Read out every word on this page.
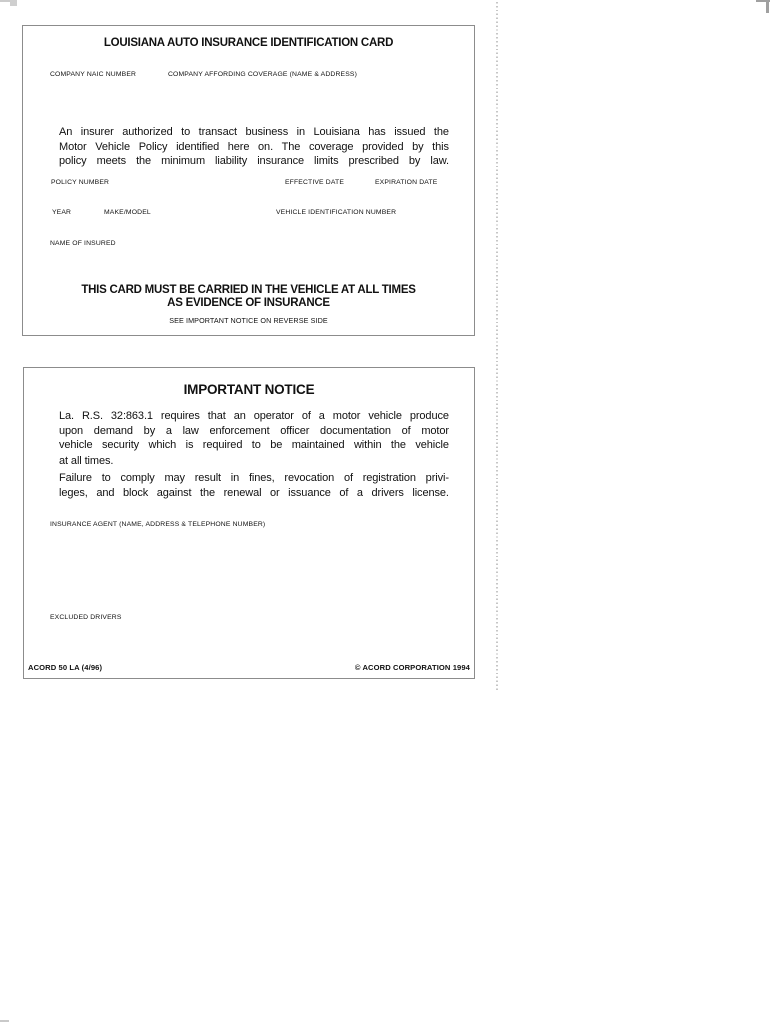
LOUISIANA AUTO INSURANCE IDENTIFICATION CARD
COMPANY NAIC NUMBER	COMPANY AFFORDING COVERAGE (NAME & ADDRESS)
An insurer authorized to transact business in Louisiana has issued the
Motor Vehicle Policy identified here on. The coverage provided by this
policy meets the minimum liability insurance limits prescribed by law.
POLICY NUMBER	EFFECTIVE DATE	EXPIRATION DATE
YEAR	MAKE/MODEL	VEHICLE IDENTIFICATION NUMBER
NAME OF INSURED
THIS CARD MUST BE CARRIED IN THE VEHICLE AT ALL TIMES
AS EVIDENCE OF INSURANCE
SEE IMPORTANT NOTICE ON REVERSE SIDE
IMPORTANT NOTICE
La. R.S. 32:863.1 requires that an operator of a motor vehicle produce
upon demand by a law enforcement officer documentation of motor
vehicle security which is required to be maintained within the vehicle
at all times.
Failure to comply may result in fines, revocation of registration privi-
leges, and block against the renewal or issuance of a drivers license.
INSURANCE AGENT (NAME, ADDRESS & TELEPHONE NUMBER)
EXCLUDED DRIVERS
ACORD 50 LA (4/96)	© ACORD CORPORATION 1994
